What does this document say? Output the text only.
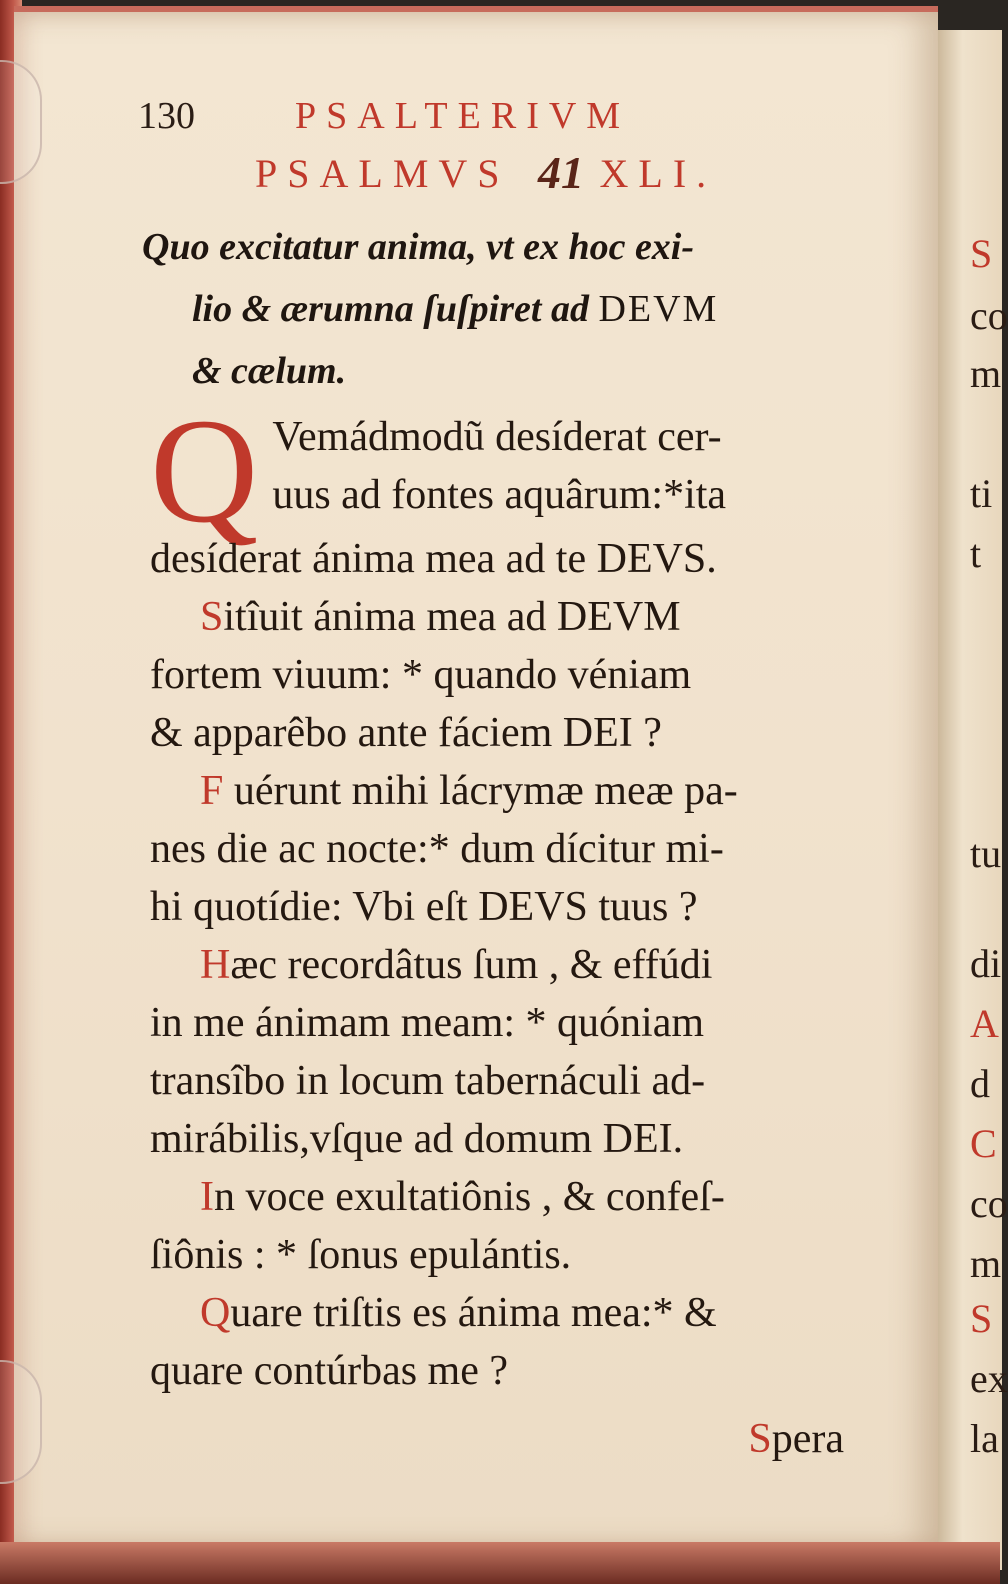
S
co
m
ti
t
tu
di
A
d
C
co
m
S
ex
la
130	PSALTERIVM
PSALMVS XLI.
41
Quo excitatur anima, vt ex hoc exi-
lio & ærumna ſuſpiret ad DEVM
& cælum.
Q Vemádmodũ desíderat cer-
uus ad fontes aquârum:*ita
desíderat ánima mea ad te DEVS.
Sitîuit ánima mea ad DEVM
fortem viuum: * quando véniam
& apparêbo ante fáciem DEI ?
F uérunt mihi lácrymæ meæ pa-
nes die ac nocte:* dum dícitur mi-
hi quotídie: Vbi eſt DEVS tuus ?
Hæc recordâtus ſum , & effúdi
in me ánimam meam: * quóniam
transîbo in locum tabernáculi ad-
mirábilis,vſque ad domum DEI.
In voce exultatiônis , & confeſ-
ſiônis : * ſonus epulántis.
Quare triſtis es ánima mea:* &
quare contúrbas me ?
Spera
